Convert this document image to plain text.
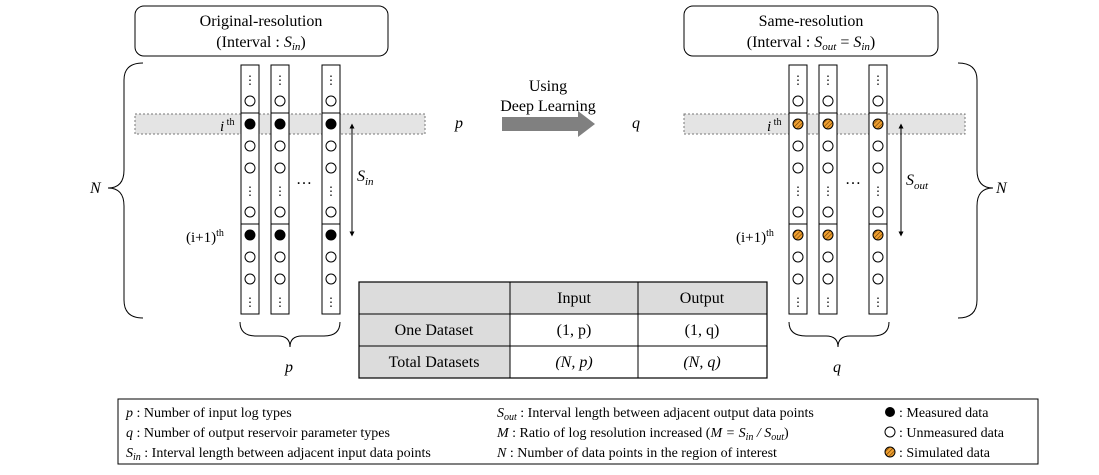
Original-resolution
(Interval : Sin)
Same-resolution
(Interval : Sout = Sin)
N	N
p	q
⋮
⋮
⋮
⋮
⋮
⋮
⋮
⋮
⋮
⋮
⋮
⋮
⋮
⋮
⋮
⋮
⋮
⋮
i $^{th}$
$(i+1)^{th}$
i $^{th}$
$(i+1)^{th}$
…	…
$S_{in}$	$S_{out}$
p	q
Using
Deep Learning
Input	Output
One Dataset	(1, p)	(1, q)
Total Datasets	(N, p)	(N, q)
p : Number of input log types
q : Number of output reservoir parameter types
$S_{in}$ : Interval length between adjacent input data points
$S_{out}$ : Interval length between adjacent output data points
M : Ratio of log resolution increased $(M = S_{in} / S_{out})$
N : Number of data points in the region of interest
: Measured data
: Unmeasured data
: Simulated data
